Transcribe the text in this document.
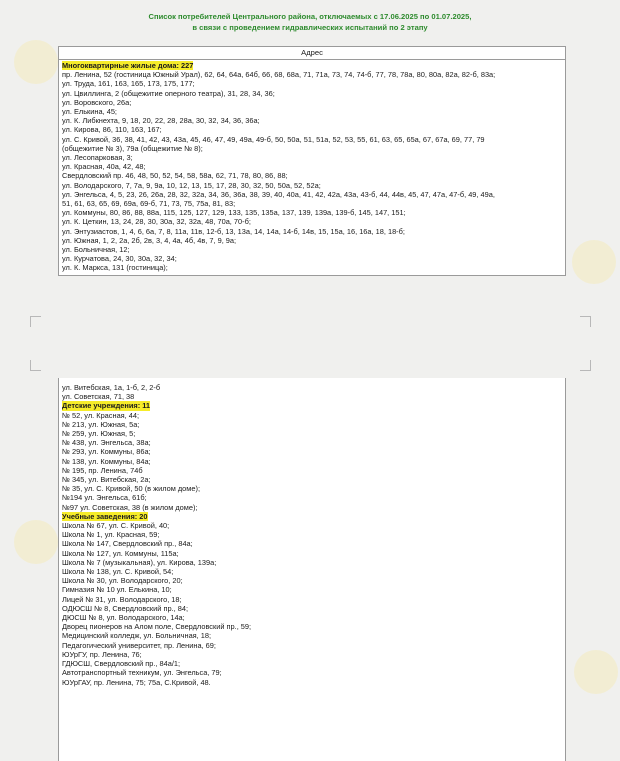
Список потребителей Центрального района, отключаемых с 17.06.2025 по 01.07.2025,
в связи с проведением гидравлических испытаний по 2 этапу
Адрес
Многоквартирные жилые дома: 227
пр. Ленина, 52 (гостиница Южный Урал), 62, 64, 64а, 64б, 66, 68, 68а, 71, 71а, 73, 74, 74-б, 77, 78, 78а, 80, 80а, 82а, 82-б, 83а;
ул. Труда, 161, 163, 165, 173, 175, 177;
ул. Цвиллинга, 2 (общежитие оперного театра), 31, 28, 34, 36;
ул. Воровского, 26а;
ул. Елькина, 45;
ул. К. Либкнехта, 9, 18, 20, 22, 28, 28а, 30, 32, 34, 36, 36а;
ул. Кирова, 86, 110, 163, 167;
ул. С. Кривой, 36, 38, 41, 42, 43, 43а, 45, 46, 47, 49, 49а, 49-б, 50, 50а, 51, 51а, 52, 53, 55, 61, 63, 65, 65а, 67, 67а, 69, 77, 79
(общежитие № 3), 79а (общежитие № 8);
ул. Лесопарковая, 3;
ул. Красная, 40а, 42, 48;
Свердловский пр. 46, 48, 50, 52, 54, 58, 58а, 62, 71, 78, 80, 86, 88;
ул. Володарского, 7, 7а, 9, 9а, 10, 12, 13, 15, 17, 28, 30, 32, 50, 50а, 52, 52а;
ул. Энгельса, 4, 5, 23, 26, 26а, 28, 32, 32а, 34, 36, 36а, 38, 39, 40, 40а, 41, 42, 42а, 43а, 43-б, 44, 44в, 45, 47, 47а, 47-б, 49, 49а,
51, 61, 63, 65, 69, 69а, 69-б, 71, 73, 75, 75а, 81, 83;
ул. Коммуны, 80, 86, 88, 88а, 115, 125, 127, 129, 133, 135, 135а, 137, 139, 139а, 139-б, 145, 147, 151;
ул. К. Цеткин, 13, 24, 28, 30, 30а, 32, 32а, 48, 70а, 70-б;
ул. Энтузиастов, 1, 4, 6, 6а, 7, 8, 11а, 11в, 12-б, 13, 13а, 14, 14а, 14-б, 14в, 15, 15а, 16, 16а, 18, 18-б;
ул. Южная, 1, 2, 2а, 2б, 2в, 3, 4, 4а, 4б, 4в, 7, 9, 9а;
ул. Больничная, 12;
ул. Курчатова, 24, 30, 30а, 32, 34;
ул. К. Маркса, 131 (гостиница);
ул. Витебская, 1а, 1-б, 2, 2-б
ул. Советская, 71, 38
Детские учреждения: 11
№ 52, ул. Красная, 44;
№ 213, ул. Южная, 5а;
№ 259, ул. Южная, 5;
№ 438, ул. Энгельса, 38а;
№ 293, ул. Коммуны, 86а;
№ 138, ул. Коммуны, 84а;
№ 195, пр. Ленина, 74б
№ 345, ул. Витебская, 2а;
№ 35, ул. С. Кривой, 50 (в жилом доме);
№194 ул. Энгельса, 61б;
№97 ул. Советская, 38 (в жилом доме);
Учебные заведения: 20
Школа № 67, ул. С. Кривой, 40;
Школа № 1, ул. Красная, 59;
Школа № 147, Свердловский пр., 84а;
Школа № 127, ул. Коммуны, 115а;
Школа № 7 (музыкальная), ул. Кирова, 139а;
Школа № 138, ул. С. Кривой, 54;
Школа № 30, ул. Володарского, 20;
Гимназия № 10 ул. Елькина, 10;
Лицей № 31, ул. Володарского, 18;
ОДЮСШ № 8, Свердловский пр., 84;
ДЮСШ № 8, ул. Володарского, 14а;
Дворец пионеров на Алом поле, Свердловский пр., 59;
Медицинский колледж, ул. Больничная, 18;
Педагогический университет, пр. Ленина, 69;
ЮУрГУ, пр. Ленина, 76;
ГДЮСШ, Свердловский пр., 84а/1;
Автотранспортный техникум, ул. Энгельса, 79;
ЮУрГАУ, пр. Ленина, 75; 75а, С.Кривой, 48.
